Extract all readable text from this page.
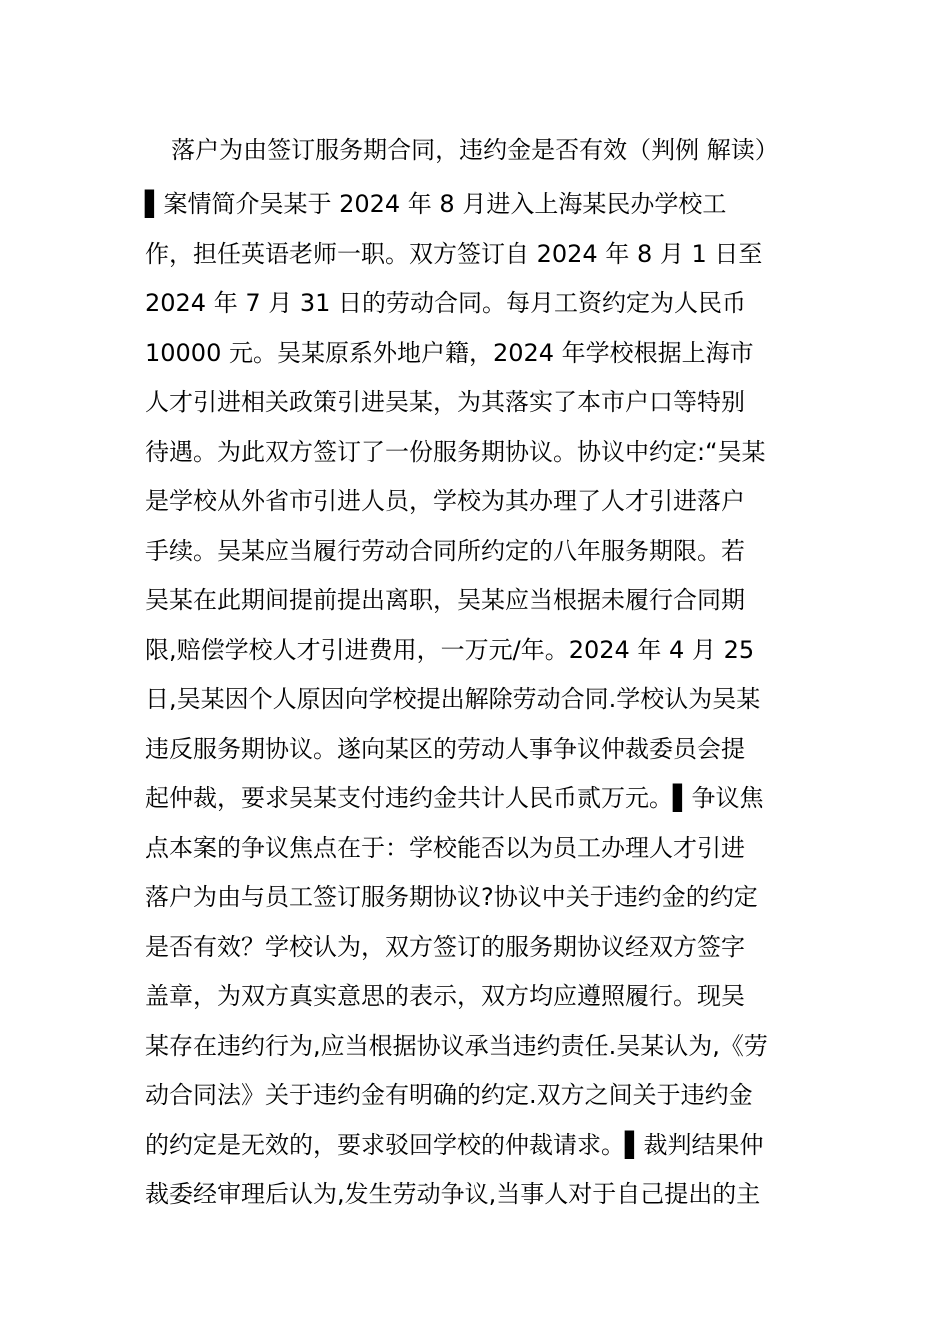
落户为由签订服务期合同，违约金是否有效（判例 解读）
▌案情简介吴某于 2024 年 8 月进入上海某民办学校工
作，担任英语老师一职。双方签订自 2024 年 8 月 1 日至
2024 年 7 月 31 日的劳动合同。每月工资约定为人民币
10000 元。吴某原系外地户籍，2024 年学校根据上海市
人才引进相关政策引进吴某，为其落实了本市户口等特别
待遇。为此双方签订了一份服务期协议。协议中约定:“吴某
是学校从外省市引进人员，学校为其办理了人才引进落户
手续。吴某应当履行劳动合同所约定的八年服务期限。若
吴某在此期间提前提出离职，吴某应当根据未履行合同期
限,赔偿学校人才引进费用，一万元/年。2024 年 4 月 25
日,吴某因个人原因向学校提出解除劳动合同.学校认为吴某
违反服务期协议。遂向某区的劳动人事争议仲裁委员会提
起仲裁，要求吴某支付违约金共计人民币贰万元。▌争议焦
点本案的争议焦点在于：学校能否以为员工办理人才引进
落户为由与员工签订服务期协议?协议中关于违约金的约定
是否有效？学校认为，双方签订的服务期协议经双方签字
盖章，为双方真实意思的表示，双方均应遵照履行。现吴
某存在违约行为,应当根据协议承当违约责任.吴某认为,《劳
动合同法》关于违约金有明确的约定.双方之间关于违约金
的约定是无效的，要求驳回学校的仲裁请求。▌裁判结果仲
裁委经审理后认为,发生劳动争议,当事人对于自己提出的主
